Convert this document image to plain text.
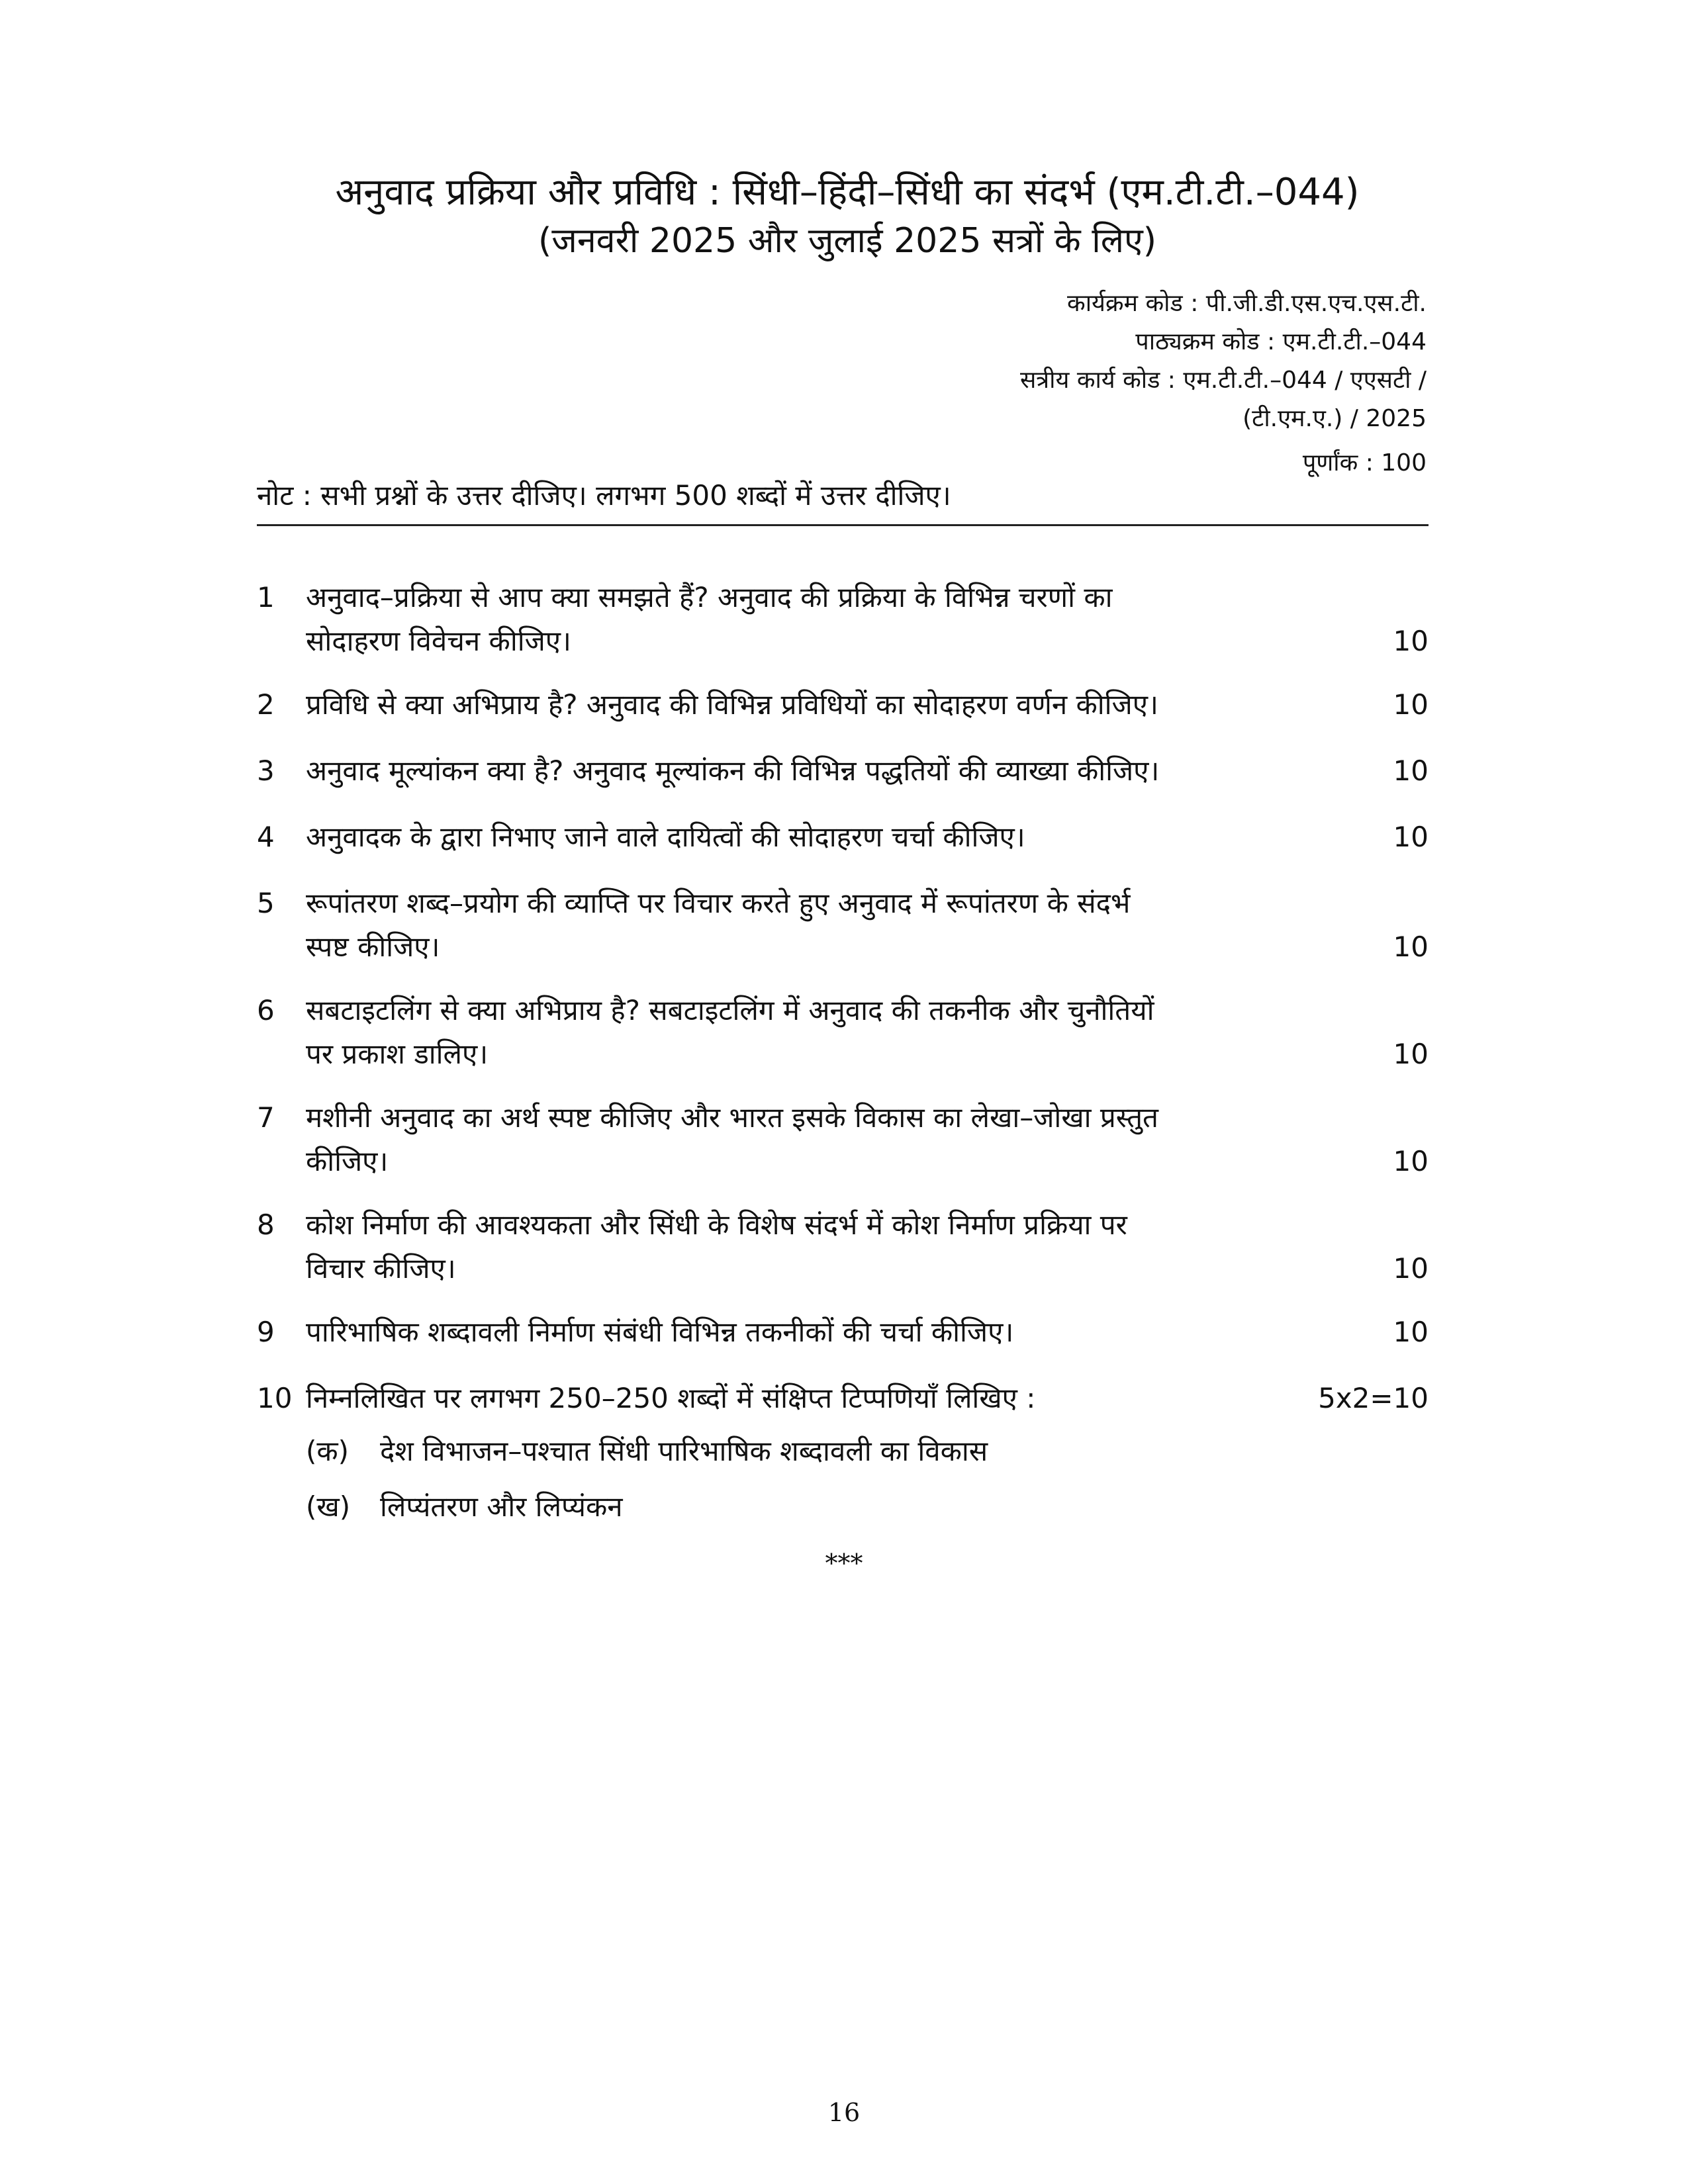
अनुवाद प्रक्रिया और प्रविधि : सिंधी–हिंदी–सिंधी का संदर्भ (एम.टी.टी.–044)
(जनवरी 2025 और जुलाई 2025 सत्रों के लिए)
कार्यक्रम कोड : पी.जी.डी.एस.एच.एस.टी.
पाठ्यक्रम कोड : एम.टी.टी.–044
सत्रीय कार्य कोड : एम.टी.टी.–044 / एएसटी /
(टी.एम.ए.) / 2025
पूर्णांक : 100
नोट : सभी प्रश्नों के उत्तर दीजिए। लगभग 500 शब्दों में उत्तर दीजिए।
1	अनुवाद–प्रक्रिया से आप क्या समझते हैं? अनुवाद की प्रक्रिया के विभिन्न चरणों का
सोदाहरण विवेचन कीजिए।	10
2	प्रविधि से क्या अभिप्राय है? अनुवाद की विभिन्न प्रविधियों का सोदाहरण वर्णन कीजिए।	10
3	अनुवाद मूल्यांकन क्या है? अनुवाद मूल्यांकन की विभिन्न पद्धतियों की व्याख्या कीजिए।	10
4	अनुवादक के द्वारा निभाए जाने वाले दायित्वों की सोदाहरण चर्चा कीजिए।	10
5	रूपांतरण शब्द–प्रयोग की व्याप्ति पर विचार करते हुए अनुवाद में रूपांतरण के संदर्भ
स्पष्ट कीजिए।	10
6	सबटाइटलिंग से क्या अभिप्राय है? सबटाइटलिंग में अनुवाद की तकनीक और चुनौतियों
पर प्रकाश डालिए।	10
7	मशीनी अनुवाद का अर्थ स्पष्ट कीजिए और भारत इसके विकास का लेखा–जोखा प्रस्तुत
कीजिए।	10
8	कोश निर्माण की आवश्यकता और सिंधी के विशेष संदर्भ में कोश निर्माण प्रक्रिया पर
विचार कीजिए।	10
9	पारिभाषिक शब्दावली निर्माण संबंधी विभिन्न तकनीकों की चर्चा कीजिए।	10
10 निम्नलिखित पर लगभग 250–250 शब्दों में संक्षिप्त टिप्पणियाँ लिखिए :	5x2=10
(क) देश विभाजन–पश्चात सिंधी पारिभाषिक शब्दावली का विकास
(ख) लिप्यंतरण और लिप्यंकन
***
16
